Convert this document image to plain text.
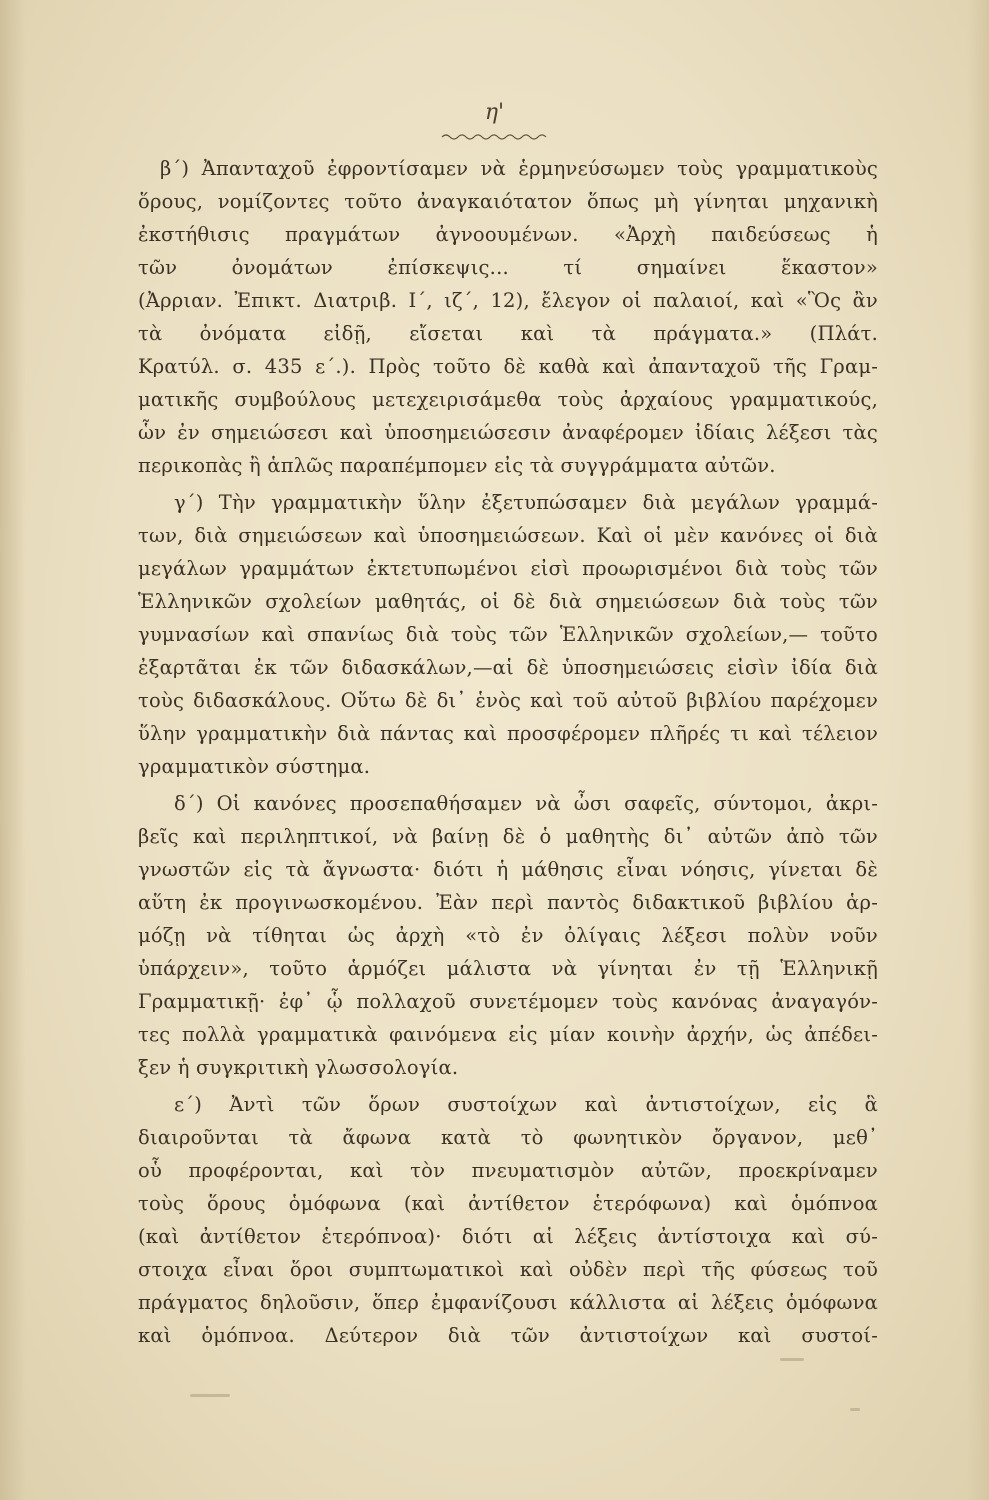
η'
β΄) Ἀπανταχοῦ ἐφροντίσαμεν νὰ ἑρμηνεύσωμεν τοὺς γραμματικοὺς
ὅρους, νομίζοντες τοῦτο ἀναγκαιότατον ὅπως μὴ γίνηται μηχανικὴ
ἐκστήθισις πραγμάτων ἀγνοουμένων. «Ἀρχὴ παιδεύσεως ἡ
τῶν ὀνομάτων ἐπίσκεψις... τί σημαίνει ἕκαστον»
(Ἀρριαν. Ἐπικτ. Διατριβ. Ι΄, ιζ΄, 12), ἔλεγον οἱ παλαιοί, καὶ «Ὃς ἂν
τὰ ὀνόματα εἰδῇ, εἴσεται καὶ τὰ πράγματα.» (Πλάτ.
Κρατύλ. σ. 435 ε΄.). Πρὸς τοῦτο δὲ καθὰ καὶ ἀπανταχοῦ τῆς Γραμ-
ματικῆς συμβούλους μετεχειρισάμεθα τοὺς ἀρχαίους γραμματικούς,
ὧν ἐν σημειώσεσι καὶ ὑποσημειώσεσιν ἀναφέρομεν ἰδίαις λέξεσι τὰς
περικοπὰς ἢ ἁπλῶς παραπέμπομεν εἰς τὰ συγγράμματα αὐτῶν.
γ΄) Τὴν γραμματικὴν ὕλην ἐξετυπώσαμεν διὰ μεγάλων γραμμά-
των, διὰ σημειώσεων καὶ ὑποσημειώσεων. Καὶ οἱ μὲν κανόνες οἱ διὰ
μεγάλων γραμμάτων ἐκτετυπωμένοι εἰσὶ προωρισμένοι διὰ τοὺς τῶν
Ἑλληνικῶν σχολείων μαθητάς, οἱ δὲ διὰ σημειώσεων διὰ τοὺς τῶν
γυμνασίων καὶ σπανίως διὰ τοὺς τῶν Ἑλληνικῶν σχολείων,— τοῦτο
ἐξαρτᾶται ἐκ τῶν διδασκάλων,—αἱ δὲ ὑποσημειώσεις εἰσὶν ἰδία διὰ
τοὺς διδασκάλους. Οὕτω δὲ δι᾽ ἑνὸς καὶ τοῦ αὐτοῦ βιβλίου παρέχομεν
ὕλην γραμματικὴν διὰ πάντας καὶ προσφέρομεν πλῆρές τι καὶ τέλειον
γραμματικὸν σύστημα.
δ΄) Οἱ κανόνες προσεπαθήσαμεν νὰ ὦσι σαφεῖς, σύντομοι, ἀκρι-
βεῖς καὶ περιληπτικοί, νὰ βαίνῃ δὲ ὁ μαθητὴς δι᾽ αὐτῶν ἀπὸ τῶν
γνωστῶν εἰς τὰ ἄγνωστα· διότι ἡ μάθησις εἶναι νόησις, γίνεται δὲ
αὕτη ἐκ προγινωσκομένου. Ἐὰν περὶ παντὸς διδακτικοῦ βιβλίου ἁρ-
μόζῃ νὰ τίθηται ὡς ἀρχὴ «τὸ ἐν ὀλίγαις λέξεσι πολὺν νοῦν
ὑπάρχειν», τοῦτο ἁρμόζει μάλιστα νὰ γίνηται ἐν τῇ Ἑλληνικῇ
Γραμματικῇ· ἐφ᾽ ᾧ πολλαχοῦ συνετέμομεν τοὺς κανόνας ἀναγαγόν-
τες πολλὰ γραμματικὰ φαινόμενα εἰς μίαν κοινὴν ἀρχήν, ὡς ἀπέδει-
ξεν ἡ συγκριτικὴ γλωσσολογία.
ε΄) Ἀντὶ τῶν ὅρων συστοίχων καὶ ἀντιστοίχων, εἰς ἃ
διαιροῦνται τὰ ἄφωνα κατὰ τὸ φωνητικὸν ὄργανον, μεθ᾽
οὗ προφέρονται, καὶ τὸν πνευματισμὸν αὐτῶν, προεκρίναμεν
τοὺς ὅρους ὁμόφωνα (καὶ ἀντίθετον ἑτερόφωνα) καὶ ὁμόπνοα
(καὶ ἀντίθετον ἑτερόπνοα)· διότι αἱ λέξεις ἀντίστοιχα καὶ σύ-
στοιχα εἶναι ὅροι συμπτωματικοὶ καὶ οὐδὲν περὶ τῆς φύσεως τοῦ
πράγματος δηλοῦσιν, ὅπερ ἐμφανίζουσι κάλλιστα αἱ λέξεις ὁμόφωνα
καὶ ὁμόπνοα. Δεύτερον διὰ τῶν ἀντιστοίχων καὶ συστοί-
